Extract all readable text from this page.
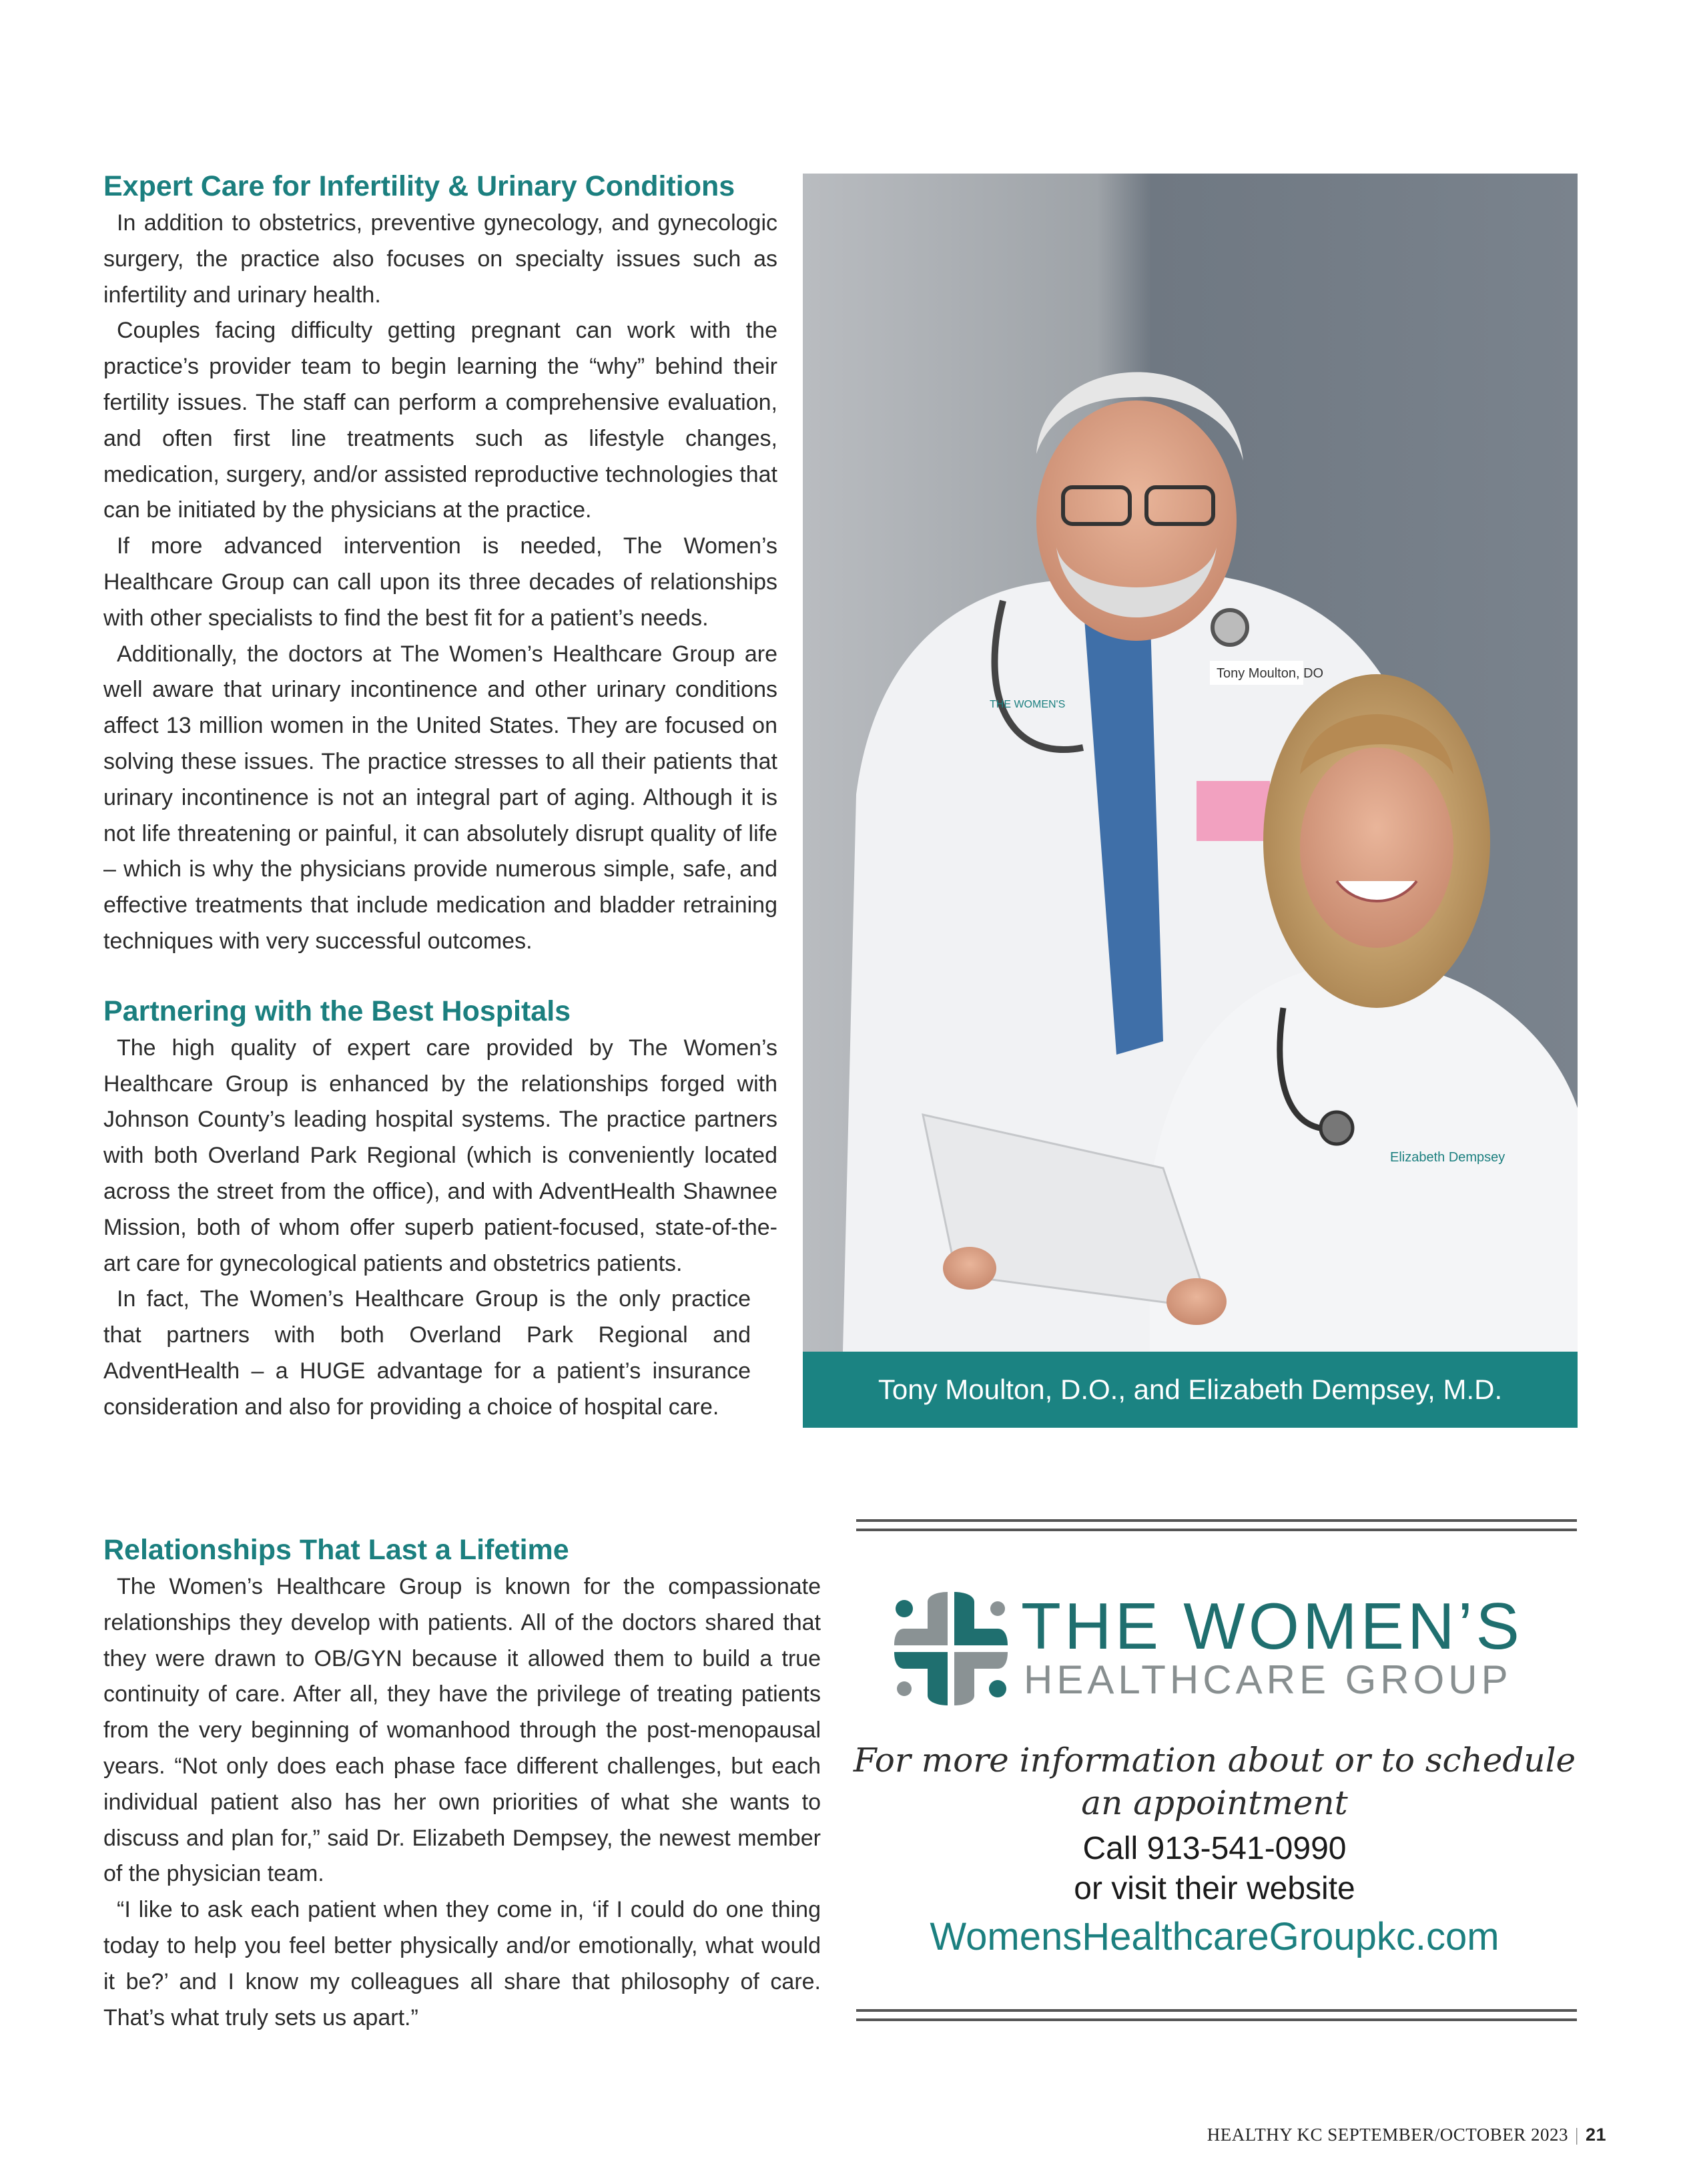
Expert Care for Infertility & Urinary Conditions

In addition to obstetrics, preventive gynecology, and gynecologic surgery, the practice also focuses on specialty issues such as infertility and urinary health.

Couples facing difficulty getting pregnant can work with the practice’s provider team to begin learning the “why” behind their fertility issues. The staff can perform a comprehensive evaluation, and often first line treatments such as lifestyle changes, medication, surgery, and/or assisted reproductive technologies that can be initiated by the physicians at the practice.

If more advanced intervention is needed, The Women’s Healthcare Group can call upon its three decades of relationships with other specialists to find the best fit for a patient’s needs.

Additionally, the doctors at The Women’s Healthcare Group are well aware that urinary incontinence and other urinary conditions affect 13 million women in the United States. They are focused on solving these issues. The practice stresses to all their patients that urinary incontinence is not an integral part of aging. Although it is not life threatening or painful, it can absolutely disrupt quality of life – which is why the physicians provide numerous simple, safe, and effective treatments that include medication and bladder retraining techniques with very successful outcomes.

Partnering with the Best Hospitals

The high quality of expert care provided by The Women’s Healthcare Group is enhanced by the relationships forged with Johnson County’s leading hospital systems. The practice partners with both Overland Park Regional (which is conveniently located across the street from the office), and with AdventHealth Shawnee Mission, both of whom offer superb patient-focused, state-of-the-art care for gynecological patients and obstetrics patients.

In fact, The Women’s Healthcare Group is the only practice that partners with both Overland Park Regional and AdventHealth – a HUGE advantage for a patient’s insurance consideration and also for providing a choice of hospital care.

Relationships That Last a Lifetime

The Women’s Healthcare Group is known for the compassionate relationships they develop with patients. All of the doctors shared that they were drawn to OB/GYN because it allowed them to build a true continuity of care. After all, they have the privilege of treating patients from the very beginning of womanhood through the post-menopausal years. “Not only does each phase face different challenges, but each individual patient also has her own priorities of what she wants to discuss and plan for,” said Dr. Elizabeth Dempsey, the newest member of the physician team.

“I like to ask each patient when they come in, ‘if I could do one thing today to help you feel better physically and/or emotionally, what would it be?’ and I know my colleagues all share that philosophy of care. That’s what truly sets us apart.”

Tony Moulton, DO
THE WOMEN'S
Elizabeth Dempsey
Tony Moulton, D.O., and Elizabeth Dempsey, M.D.
THE WOMEN’S
HEALTHCARE GROUP
For more information about or to schedule
an appointment
Call 913-541-0990
or visit their website
WomensHealthcareGroupkc.com
HEALTHY KC SEPTEMBER/OCTOBER 2023 | 21
